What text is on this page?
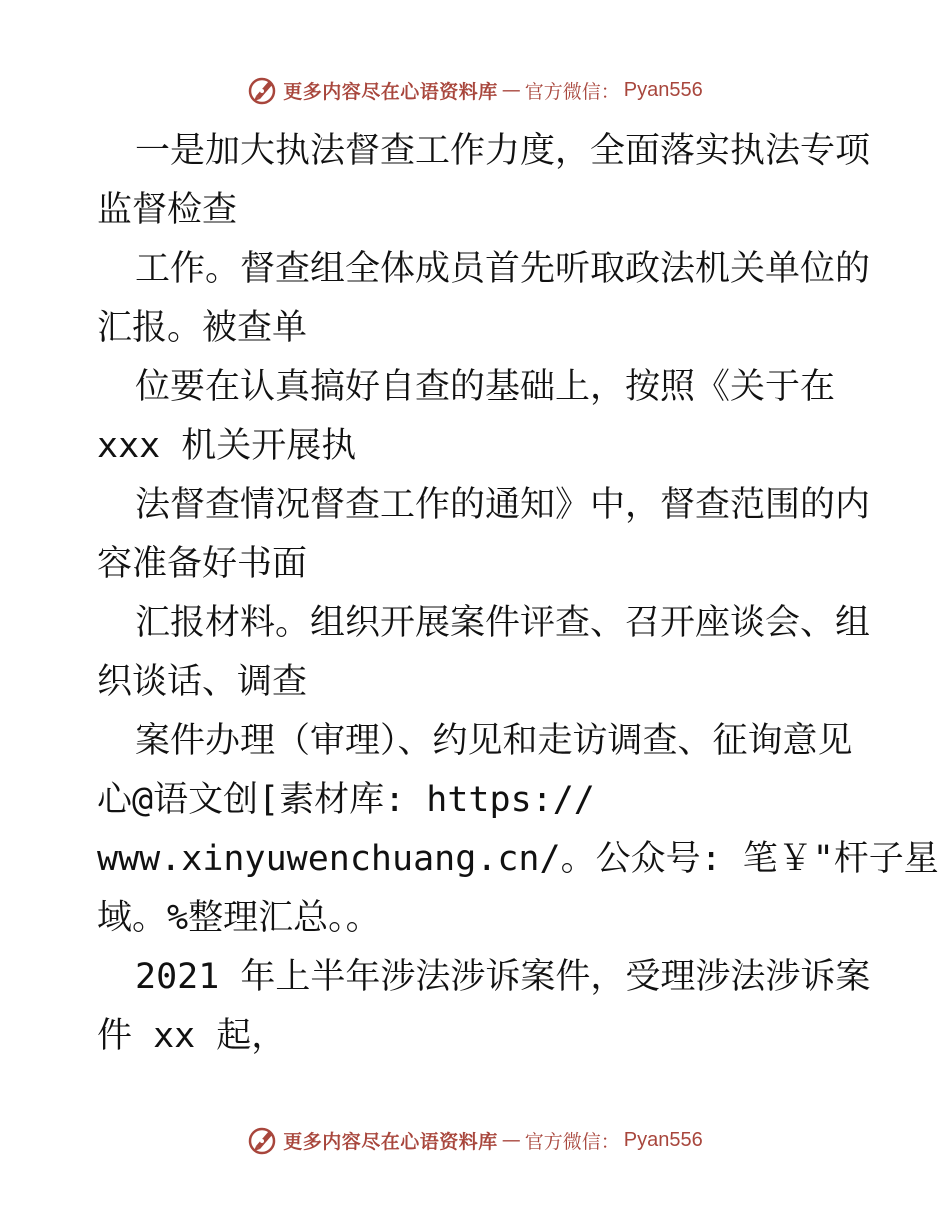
更多内容尽在心语资料库 — 官方微信： Pyan556
一是加大执法督查工作力度，全面落实执法专项
监督检查
工作。督查组全体成员首先听取政法机关单位的
汇报。被查单
位要在认真搞好自查的基础上，按照《关于在
xxx 机关开展执
法督查情况督查工作的通知》中，督查范围的内
容准备好书面
汇报材料。组织开展案件评查、召开座谈会、组
织谈话、调查
案件办理（审理）、约见和走访调查、征询意见
心@语文创[素材库: https://
www.xinyuwenchuang.cn/。公众号: 笔￥"杆子星
域。%整理汇总。。
2021 年上半年涉法涉诉案件，受理涉法涉诉案
件 xx 起，
更多内容尽在心语资料库 — 官方微信： Pyan556
